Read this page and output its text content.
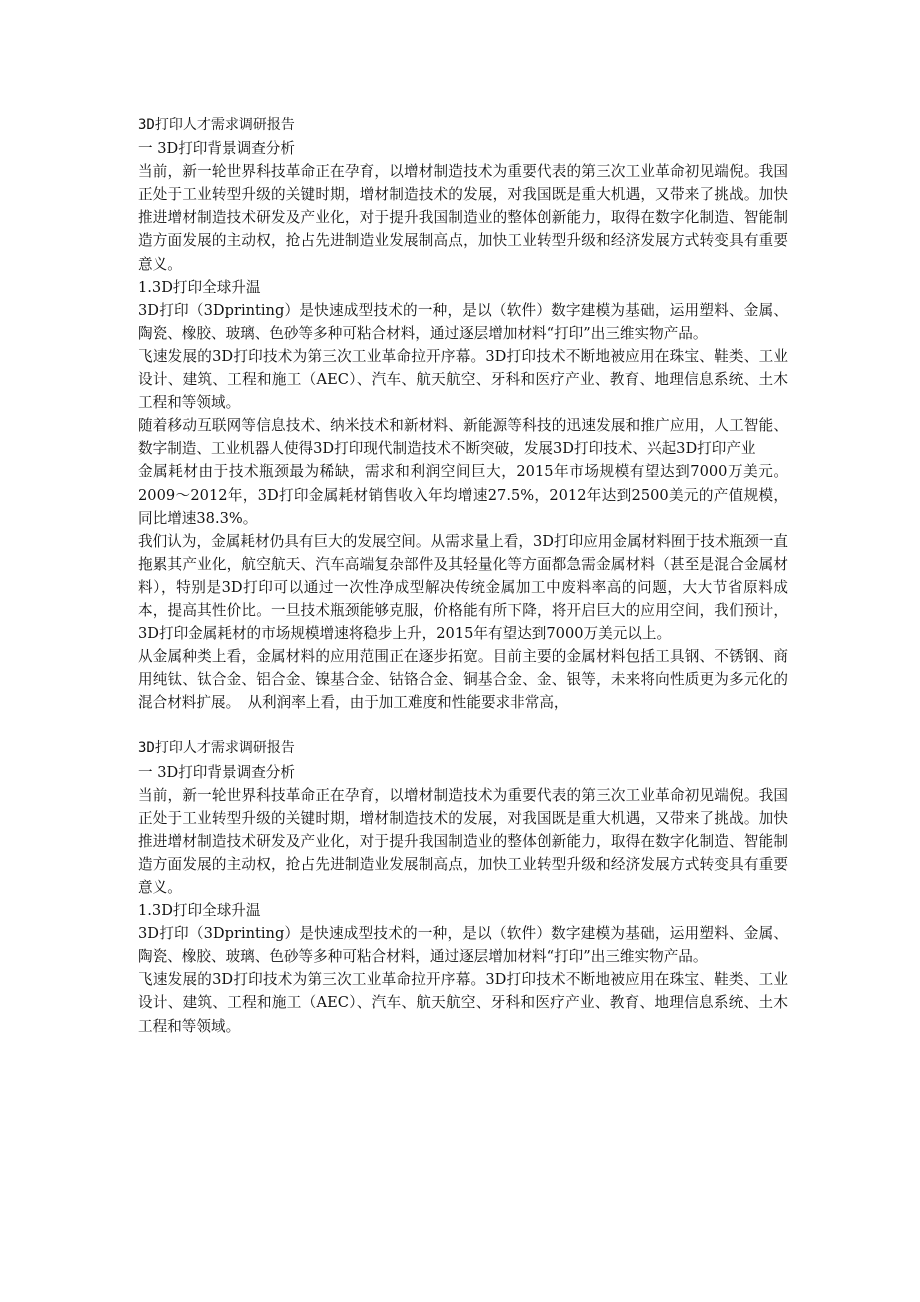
3D打印人才需求调研报告
一 3D打印背景调查分析
当前，新一轮世界科技革命正在孕育，以增材制造技术为重要代表的第三次工业革命初见端倪。我国正处于工业转型升级的关键时期，增材制造技术的发展，对我国既是重大机遇，又带来了挑战。加快推进增材制造技术研发及产业化，对于提升我国制造业的整体创新能力，取得在数字化制造、智能制造方面发展的主动权，抢占先进制造业发展制高点，加快工业转型升级和经济发展方式转变具有重要意义。
1.3D打印全球升温
3D打印（3Dprinting）是快速成型技术的一种，是以（软件）数字建模为基础，运用塑料、金属、陶瓷、橡胶、玻璃、色砂等多种可粘合材料，通过逐层增加材料“打印”出三维实物产品。
飞速发展的3D打印技术为第三次工业革命拉开序幕。3D打印技术不断地被应用在珠宝、鞋类、工业设计、建筑、工程和施工（AEC）、汽车、航天航空、牙科和医疗产业、教育、地理信息系统、土木工程和等领域。
随着移动互联网等信息技术、纳米技术和新材料、新能源等科技的迅速发展和推广应用，人工智能、数字制造、工业机器人使得3D打印现代制造技术不断突破，发展3D打印技术、兴起3D打印产业
金属耗材由于技术瓶颈最为稀缺，需求和利润空间巨大，2015年市场规模有望达到7000万美元。2009～2012年，3D打印金属耗材销售收入年均增速27.5%，2012年达到2500美元的产值规模，同比增速38.3%。
我们认为，金属耗材仍具有巨大的发展空间。从需求量上看，3D打印应用金属材料囿于技术瓶颈一直拖累其产业化，航空航天、汽车高端复杂部件及其轻量化等方面都急需金属材料（甚至是混合金属材料），特别是3D打印可以通过一次性净成型解决传统金属加工中废料率高的问题，大大节省原料成本，提高其性价比。一旦技术瓶颈能够克服，价格能有所下降，将开启巨大的应用空间，我们预计，3D打印金属耗材的市场规模增速将稳步上升，2015年有望达到7000万美元以上。
从金属种类上看，金属材料的应用范围正在逐步拓宽。目前主要的金属材料包括工具钢、不锈钢、商用纯钛、钛合金、铝合金、镍基合金、钴铬合金、铜基合金、金、银等，未来将向性质更为多元化的混合材料扩展。　从利润率上看，由于加工难度和性能要求非常高，
3D打印人才需求调研报告
一 3D打印背景调查分析
当前，新一轮世界科技革命正在孕育，以增材制造技术为重要代表的第三次工业革命初见端倪。我国正处于工业转型升级的关键时期，增材制造技术的发展，对我国既是重大机遇，又带来了挑战。加快推进增材制造技术研发及产业化，对于提升我国制造业的整体创新能力，取得在数字化制造、智能制造方面发展的主动权，抢占先进制造业发展制高点，加快工业转型升级和经济发展方式转变具有重要意义。
1.3D打印全球升温
3D打印（3Dprinting）是快速成型技术的一种，是以（软件）数字建模为基础，运用塑料、金属、陶瓷、橡胶、玻璃、色砂等多种可粘合材料，通过逐层增加材料“打印”出三维实物产品。
飞速发展的3D打印技术为第三次工业革命拉开序幕。3D打印技术不断地被应用在珠宝、鞋类、工业设计、建筑、工程和施工（AEC）、汽车、航天航空、牙科和医疗产业、教育、地理信息系统、土木工程和等领域。
